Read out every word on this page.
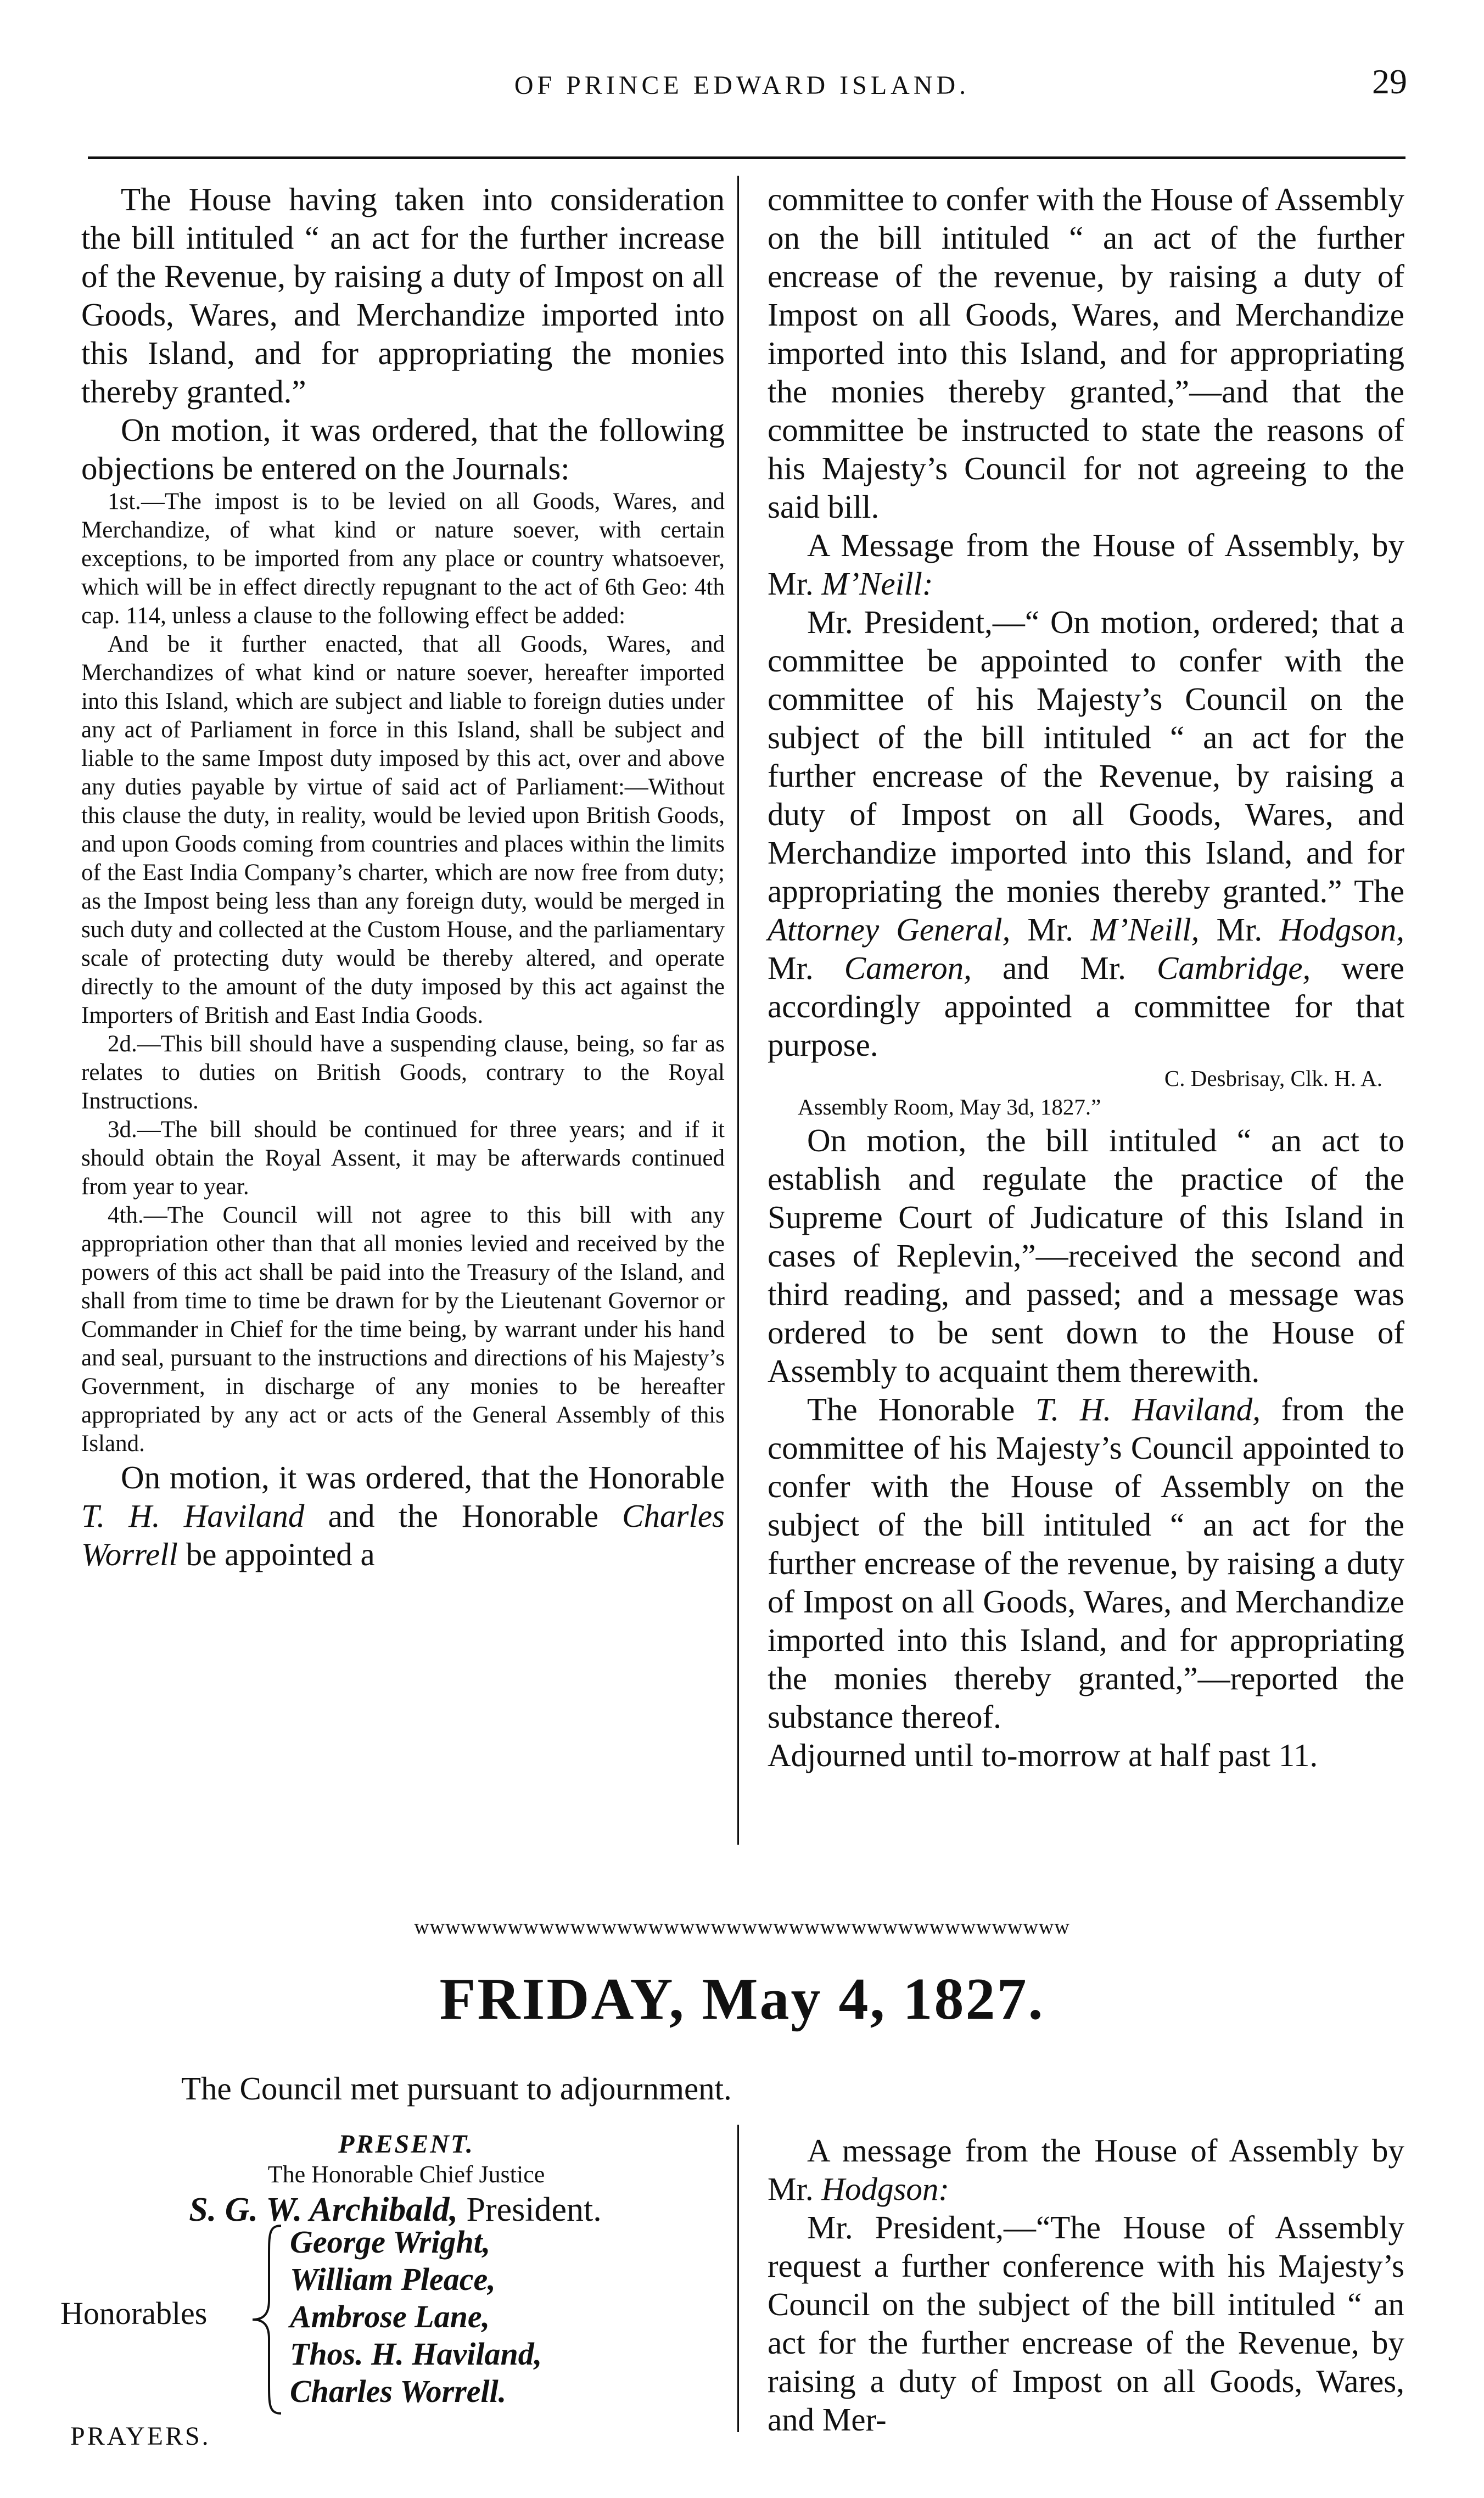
OF PRINCE EDWARD ISLAND.	29

The House having taken into consideration the bill intituled “ an act for the further increase of the Revenue, by raising a duty of Impost on all Goods, Wares, and Merchandize imported into this Island, and for appropriating the monies thereby granted.”

On motion, it was ordered, that the following objections be entered on the Journals:

1st.—The impost is to be levied on all Goods, Wares, and Merchandize, of what kind or nature soever, with certain exceptions, to be imported from any place or country whatsoever, which will be in effect directly repugnant to the act of 6th Geo: 4th cap. 114, unless a clause to the following effect be added:

And be it further enacted, that all Goods, Wares, and Merchandizes of what kind or nature soever, hereafter imported into this Island, which are subject and liable to foreign duties under any act of Parliament in force in this Island, shall be subject and liable to the same Impost duty imposed by this act, over and above any duties payable by virtue of said act of Parliament:—Without this clause the duty, in reality, would be levied upon British Goods, and upon Goods coming from countries and places within the limits of the East India Company’s charter, which are now free from duty; as the Impost being less than any foreign duty, would be merged in such duty and collected at the Custom House, and the parliamentary scale of protecting duty would be thereby altered, and operate directly to the amount of the duty imposed by this act against the Importers of British and East India Goods.

2d.—This bill should have a suspending clause, being, so far as relates to duties on British Goods, contrary to the Royal Instructions.

3d.—The bill should be continued for three years; and if it should obtain the Royal Assent, it may be afterwards continued from year to year.

4th.—The Council will not agree to this bill with any appropriation other than that all monies levied and received by the powers of this act shall be paid into the Treasury of the Island, and shall from time to time be drawn for by the Lieutenant Governor or Commander in Chief for the time being, by warrant under his hand and seal, pursuant to the instructions and directions of his Majesty’s Government, in discharge of any monies to be hereafter appropriated by any act or acts of the General Assembly of this Island.

On motion, it was ordered, that the Honorable T. H. Haviland and the Honorable Charles Worrell be appointed a

committee to confer with the House of Assembly on the bill intituled “ an act of the further encrease of the revenue, by raising a duty of Impost on all Goods, Wares, and Merchandize imported into this Island, and for appropriating the monies thereby granted,”—and that the committee be instructed to state the reasons of his Majesty’s Council for not agreeing to the said bill.

A Message from the House of Assembly, by Mr. M’Neill:

Mr. President,—“ On motion, ordered; that a committee be appointed to confer with the committee of his Majesty’s Council on the subject of the bill intituled “ an act for the further encrease of the Revenue, by raising a duty of Impost on all Goods, Wares, and Merchandize imported into this Island, and for appropriating the monies thereby granted.” The Attorney General, Mr. M’Neill, Mr. Hodgson, Mr. Cameron, and Mr. Cambridge, were accordingly appointed a committee for that purpose.

C. Desbrisay, Clk. H. A.

Assembly Room, May 3d, 1827.”

On motion, the bill intituled “ an act to establish and regulate the practice of the Supreme Court of Judicature of this Island in cases of Replevin,”—received the second and third reading, and passed; and a message was ordered to be sent down to the House of Assembly to acquaint them therewith.

The Honorable T. H. Haviland, from the committee of his Majesty’s Council appointed to confer with the House of Assembly on the subject of the bill intituled “ an act for the further encrease of the revenue, by raising a duty of Impost on all Goods, Wares, and Merchandize imported into this Island, and for appropriating the monies thereby granted,”—reported the substance thereof.

Adjourned until to-morrow at half past 11.

wwwwwwwwwwwwwwwwwwwwwwwwwwwwwwwwwwwwwwwwww
FRIDAY, May 4, 1827.
The Council met pursuant to adjournment.
PRESENT.
The Honorable Chief Justice
S. G. W. Archibald, President.
Honorables
George Wright,
William Pleace,
Ambrose Lane,
Thos. H. Haviland,
Charles Worrell.
PRAYERS.

A message from the House of Assembly by Mr. Hodgson:

Mr. President,—“The House of Assembly request a further conference with his Majesty’s Council on the subject of the bill intituled “ an act for the further encrease of the Revenue, by raising a duty of Impost on all Goods, Wares, and Mer-
